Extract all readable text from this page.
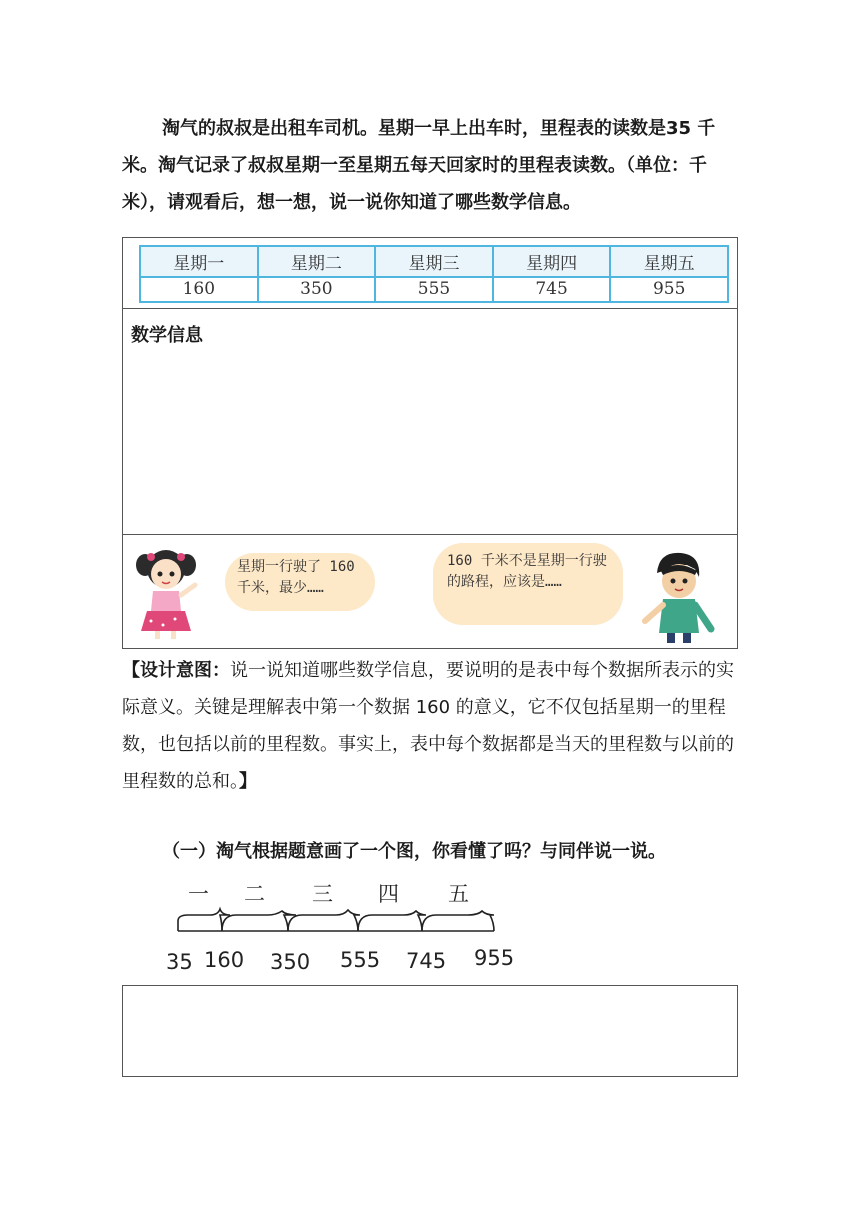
淘气的叔叔是出租车司机。星期一早上出车时，里程表的读数是35 千米。淘气记录了叔叔星期一至星期五每天回家时的里程表读数。（单位：千米），请观看后，想一想，说一说你知道了哪些数学信息。
星期一	星期二	星期三	星期四	星期五
160	350	555	745	955
数学信息
星期一行驶了 160 千米，最少……
160 千米不是星期一行驶的路程，应该是……
【设计意图：说一说知道哪些数学信息，要说明的是表中每个数据所表示的实际意义。关键是理解表中第一个数据 160 的意义，它不仅包括星期一的里程数，也包括以前的里程数。事实上，表中每个数据都是当天的里程数与以前的里程数的总和。】
（一）淘气根据题意画了一个图，你看懂了吗？与同伴说一说。
一 二 三 四 五
35 160 350 555 745 955
